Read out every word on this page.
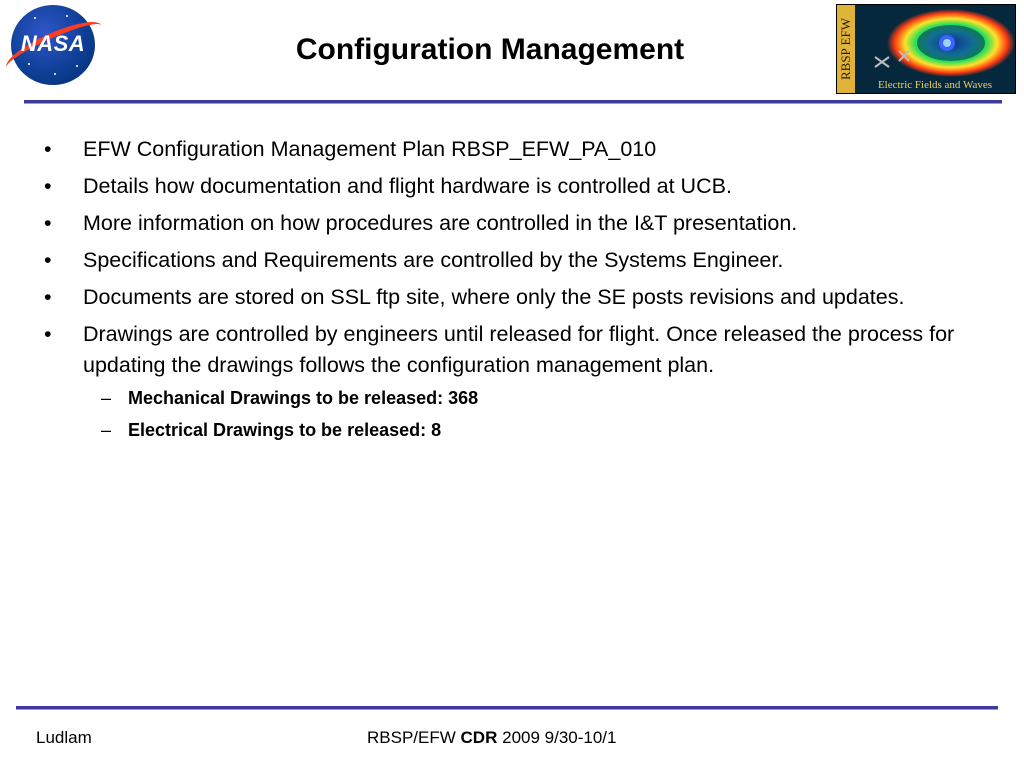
NASA	Configuration Management	RBSP EFW
Electric Fields and Waves
• EFW Configuration Management Plan RBSP_EFW_PA_010
• Details how documentation and flight hardware is controlled at UCB.
• More information on how procedures are controlled in the I&T presentation.
• Specifications and Requirements are controlled by the Systems Engineer.
• Documents are stored on SSL ftp site, where only the SE posts revisions and updates.
• Drawings are controlled by engineers until released for flight. Once released the process for updating the drawings follows the configuration management plan.
– Mechanical Drawings to be released: 368
– Electrical Drawings to be released: 8
Ludlam	RBSP/EFW CDR 2009 9/30-10/1
